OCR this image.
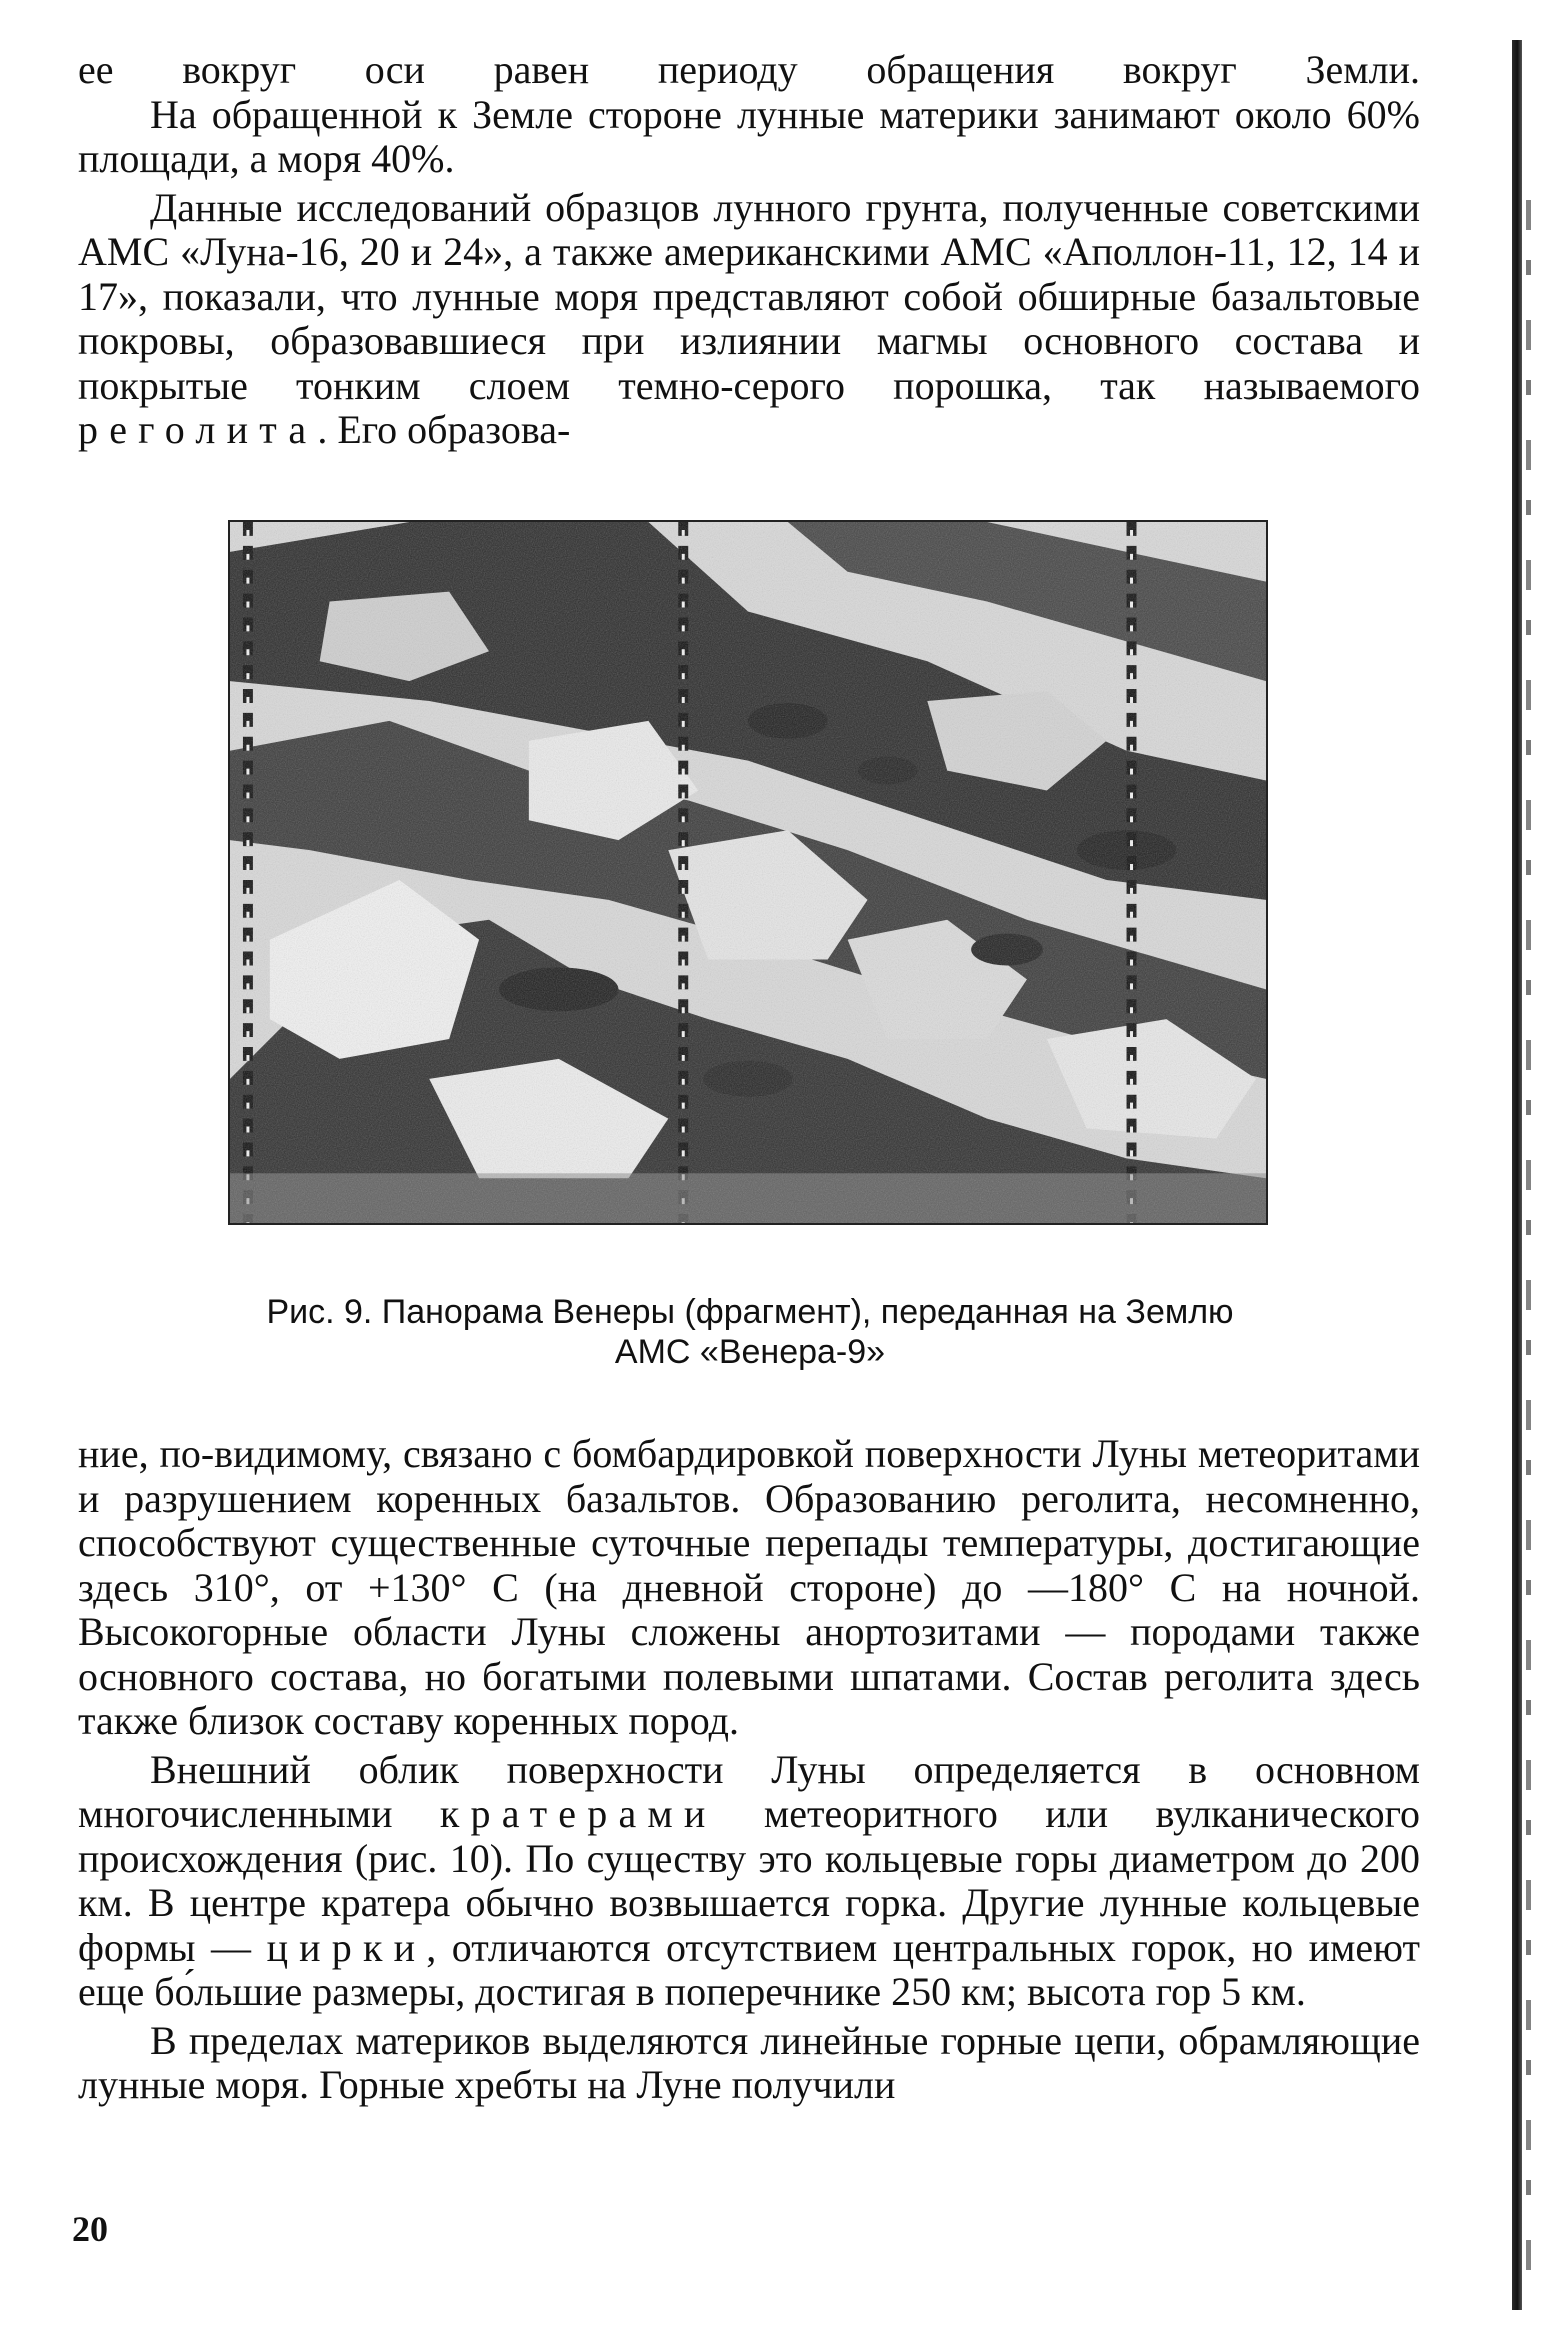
ее вокруг оси равен периоду обращения вокруг Земли.

На обращенной к Земле стороне лунные материки занимают около 60% площади, а моря 40%.

Данные исследований образцов лунного грунта, полученные советскими АМС «Луна-16, 20 и 24», а также американскими АМС «Аполлон-11, 12, 14 и 17», показали, что лунные моря представляют собой обширные базальтовые покровы, образовавшиеся при излиянии магмы основного состава и покрытые тонким слоем темно-серого порошка, так называемого реголита. Его образова-

Рис. 9. Панорама Венеры (фрагмент), переданная на Землю
АМС «Венера-9»

ние, по-видимому, связано с бомбардировкой поверхности Луны метеоритами и разрушением коренных базальтов. Образованию реголита, несомненно, способствуют существенные суточные перепады температуры, достигающие здесь 310°, от +130° С (на дневной стороне) до —180° С на ночной. Высокогорные области Луны сложены анортозитами — породами также основного состава, но богатыми полевыми шпатами. Состав реголита здесь также близок составу коренных пород.

Внешний облик поверхности Луны определяется в основном многочисленными кратерами метеоритного или вулканического происхождения (рис. 10). По существу это кольцевые горы диаметром до 200 км. В центре кратера обычно возвышается горка. Другие лунные кольцевые формы — цирки, отличаются отсутствием центральных горок, но имеют еще бо́льшие размеры, достигая в поперечнике 250 км; высота гор 5 км.

В пределах материков выделяются линейные горные цепи, обрамляющие лунные моря. Горные хребты на Луне получили

20
